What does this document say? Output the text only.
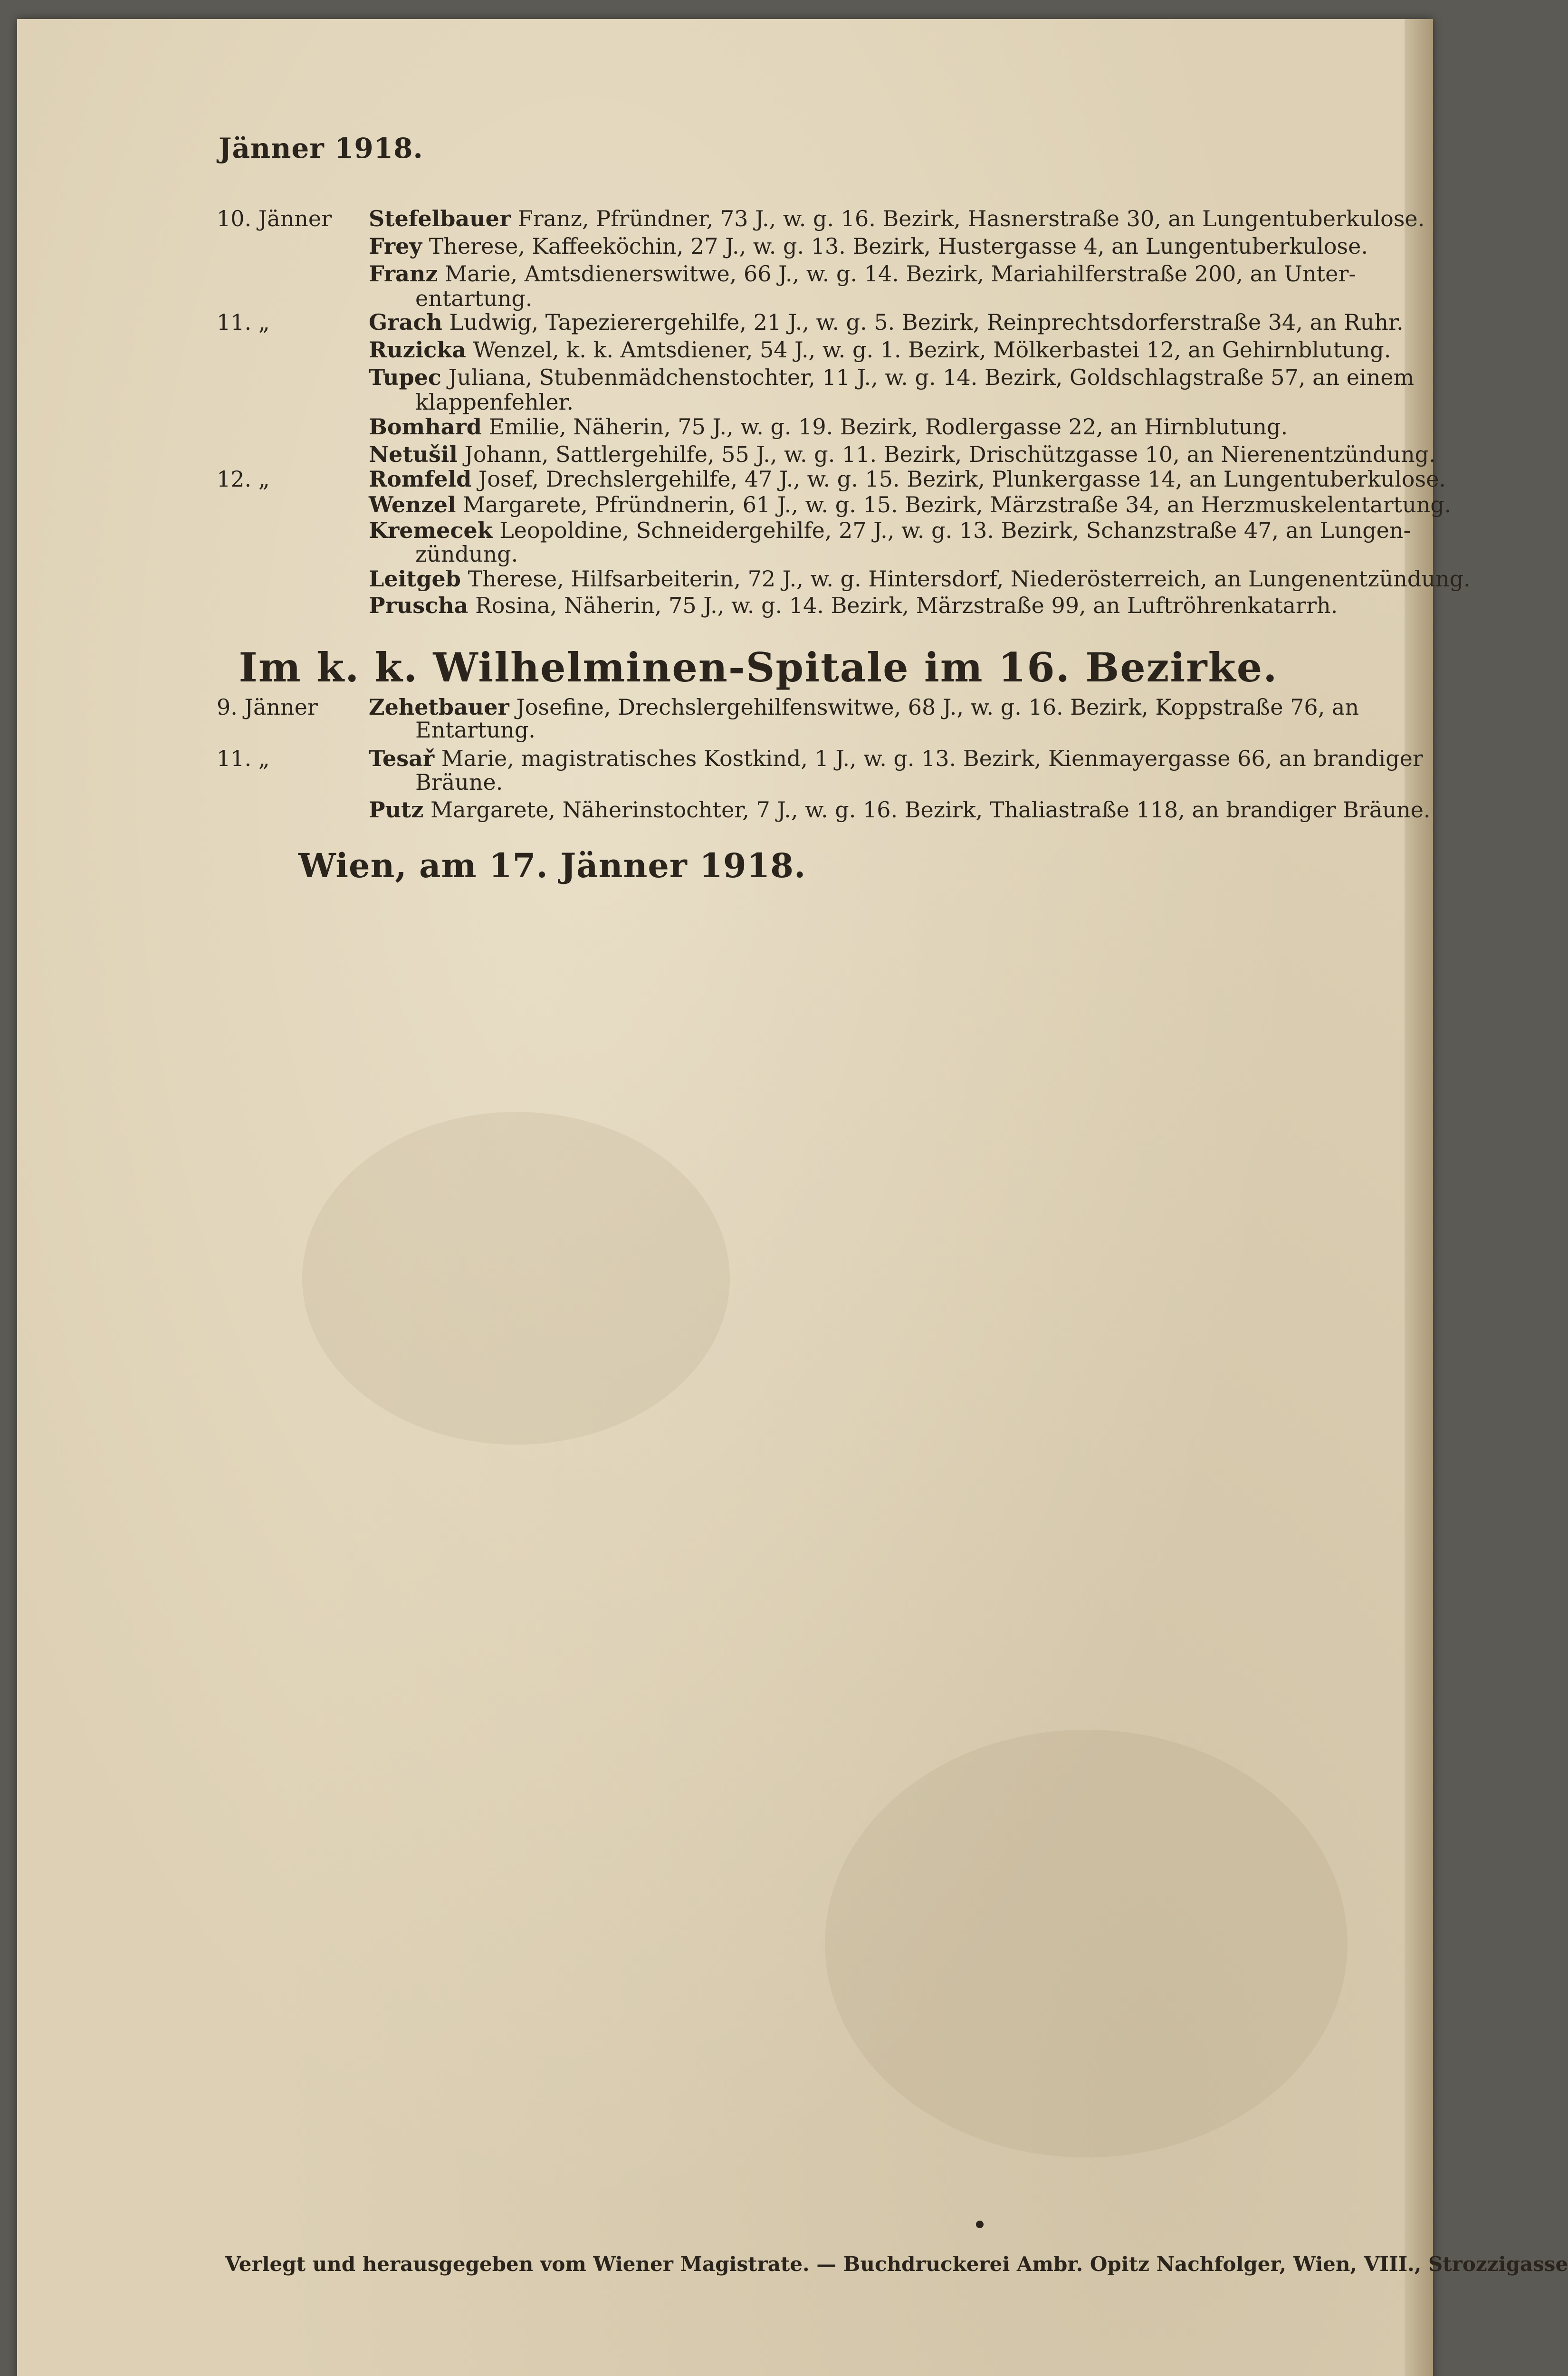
Jänner 1918.
10. Jänner Stefelbauer Franz, Pfründner, 73 J., w. g. 16. Bezirk, Hasnerstraße 30, an Lungentuberkulose.
Frey Therese, Kaffeeköchin, 27 J., w. g. 13. Bezirk, Hustergasse 4, an Lungentuberkulose.
Franz Marie, Amtsdienerswitwe, 66 J., w. g. 14. Bezirk, Mariahilferstraße 200, an Unter-
entartung.
11. „	Grach Ludwig, Tapezierergehilfe, 21 J., w. g. 5. Bezirk, Reinprechtsdorferstraße 34, an Ruhr.
Ruzicka Wenzel, k. k. Amtsdiener, 54 J., w. g. 1. Bezirk, Mölkerbastei 12, an Gehirnblutung.
Tupec Juliana, Stubenmädchenstochter, 11 J., w. g. 14. Bezirk, Goldschlagstraße 57, an einem
klappenfehler.
Bomhard Emilie, Näherin, 75 J., w. g. 19. Bezirk, Rodlergasse 22, an Hirnblutung.
Netušil Johann, Sattlergehilfe, 55 J., w. g. 11. Bezirk, Drischützgasse 10, an Nierenentzündung.
12. „	Romfeld Josef, Drechslergehilfe, 47 J., w. g. 15. Bezirk, Plunkergasse 14, an Lungentuberkulose.
Wenzel Margarete, Pfründnerin, 61 J., w. g. 15. Bezirk, Märzstraße 34, an Herzmuskelentartung.
Kremecek Leopoldine, Schneidergehilfe, 27 J., w. g. 13. Bezirk, Schanzstraße 47, an Lungen-
zündung.
Leitgeb Therese, Hilfsarbeiterin, 72 J., w. g. Hintersdorf, Niederösterreich, an Lungenentzündung.
Pruscha Rosina, Näherin, 75 J., w. g. 14. Bezirk, Märzstraße 99, an Luftröhrenkatarrh.
Im k. k. Wilhelminen-Spitale im 16. Bezirke.
9. Jänner Zehetbauer Josefine, Drechslergehilfenswitwe, 68 J., w. g. 16. Bezirk, Koppstraße 76, an
Entartung.
11. „	Tesař Marie, magistratisches Kostkind, 1 J., w. g. 13. Bezirk, Kienmayergasse 66, an brandiger
Bräune.
Putz Margarete, Näherinstochter, 7 J., w. g. 16. Bezirk, Thaliastraße 118, an brandiger Bräune.
Wien, am 17. Jänner 1918.
Verlegt und herausgegeben vom Wiener Magistrate. — Buchdruckerei Ambr. Opitz Nachfolger, Wien, VIII., Strozzigasse
